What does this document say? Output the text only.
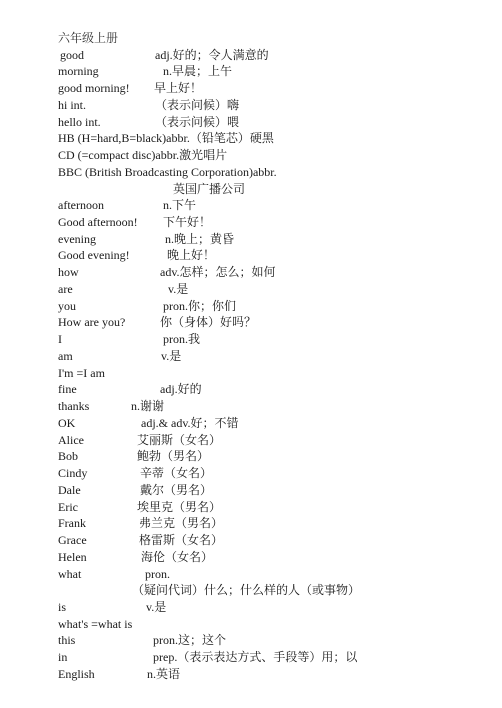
六年级上册
good	adj.好的；令人满意的
morning	n.早晨；上午
good morning! 早上好！
hi int.	（表示问候）嗨
hello int.	（表示问候）喂
HB (H=hard,B=black)abbr.（铅笔芯）硬黑
CD (=compact disc)abbr.激光唱片
BBC (British Broadcasting Corporation)abbr.
英国广播公司
afternoon	n.下午
Good afternoon! 下午好！
evening	n.晚上；黄昏
Good evening!	晚上好！
how	adv.怎样；怎么；如何
are	v.是
you	pron.你；你们
How are you?	你（身体）好吗？
I	pron.我
am	v.是
I'm =I am
fine	adj.好的
thanks	n.谢谢
OK	adj.& adv.好；不错
Alice	艾丽斯（女名）
Bob	鲍勃（男名）
Cindy	辛蒂（女名）
Dale	戴尔（男名）
Eric	埃里克（男名）
Frank	弗兰克（男名）
Grace	格雷斯（女名）
Helen	海伦（女名）
what	pron.
（疑问代词）什么；什么样的人（或事物）
is	v.是
what's =what is
this	pron.这；这个
in	prep.（表示表达方式、手段等）用；以
English	n.英语
